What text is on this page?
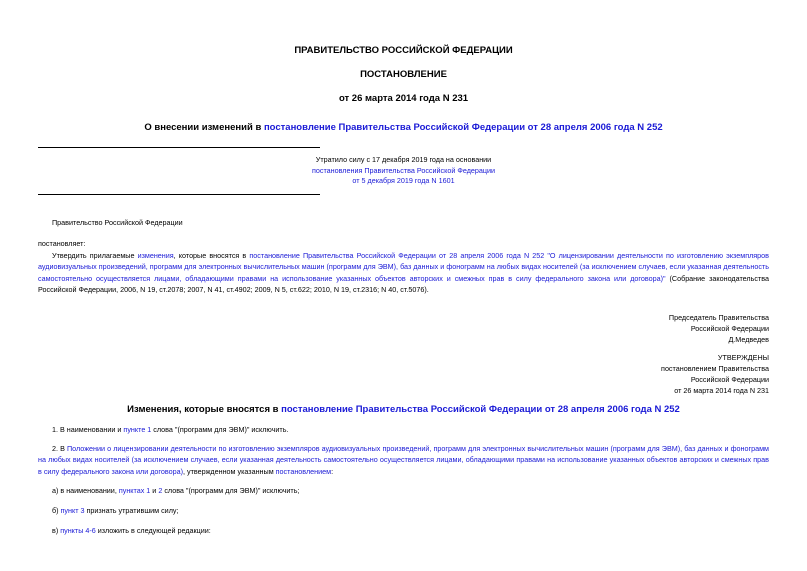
ПРАВИТЕЛЬСТВО РОССИЙСКОЙ ФЕДЕРАЦИИ
ПОСТАНОВЛЕНИЕ
от 26 марта 2014 года N 231
О внесении изменений в постановление Правительства Российской Федерации от 28 апреля 2006 года N 252
Утратило силу с 17 декабря 2019 года на основании
постановления Правительства Российской Федерации
от 5 декабря 2019 года N 1601
Правительство Российской Федерации
постановляет:
Утвердить прилагаемые изменения, которые вносятся в постановление Правительства Российской Федерации от 28 апреля 2006 года N 252 "О лицензировании деятельности по изготовлению экземпляров аудиовизуальных произведений, программ для электронных вычислительных машин (программ для ЭВМ), баз данных и фонограмм на любых видах носителей (за исключением случаев, если указанная деятельность самостоятельно осуществляется лицами, обладающими правами на использование указанных объектов авторских и смежных прав в силу федерального закона или договора)" (Собрание законодательства Российской Федерации, 2006, N 19, ст.2078; 2007, N 41, ст.4902; 2009, N 5, ст.622; 2010, N 19, ст.2316; N 40, ст.5076).
Председатель Правительства
Российской Федерации
Д.Медведев
УТВЕРЖДЕНЫ
постановлением Правительства
Российской Федерации
от 26 марта 2014 года N 231
Изменения, которые вносятся в постановление Правительства Российской Федерации от 28 апреля 2006 года N 252
1. В наименовании и пункте 1 слова "(программ для ЭВМ)" исключить.
2. В Положении о лицензировании деятельности по изготовлению экземпляров аудиовизуальных произведений, программ для электронных вычислительных машин (программ для ЭВМ), баз данных и фонограмм на любых видах носителей (за исключением случаев, если указанная деятельность самостоятельно осуществляется лицами, обладающими правами на использование указанных объектов авторских и смежных прав в силу федерального закона или договора), утвержденном указанным постановлением:
а) в наименовании, пунктах 1 и 2 слова "(программ для ЭВМ)" исключить;
б) пункт 3 признать утратившим силу;
в) пункты 4-6 изложить в следующей редакции:
